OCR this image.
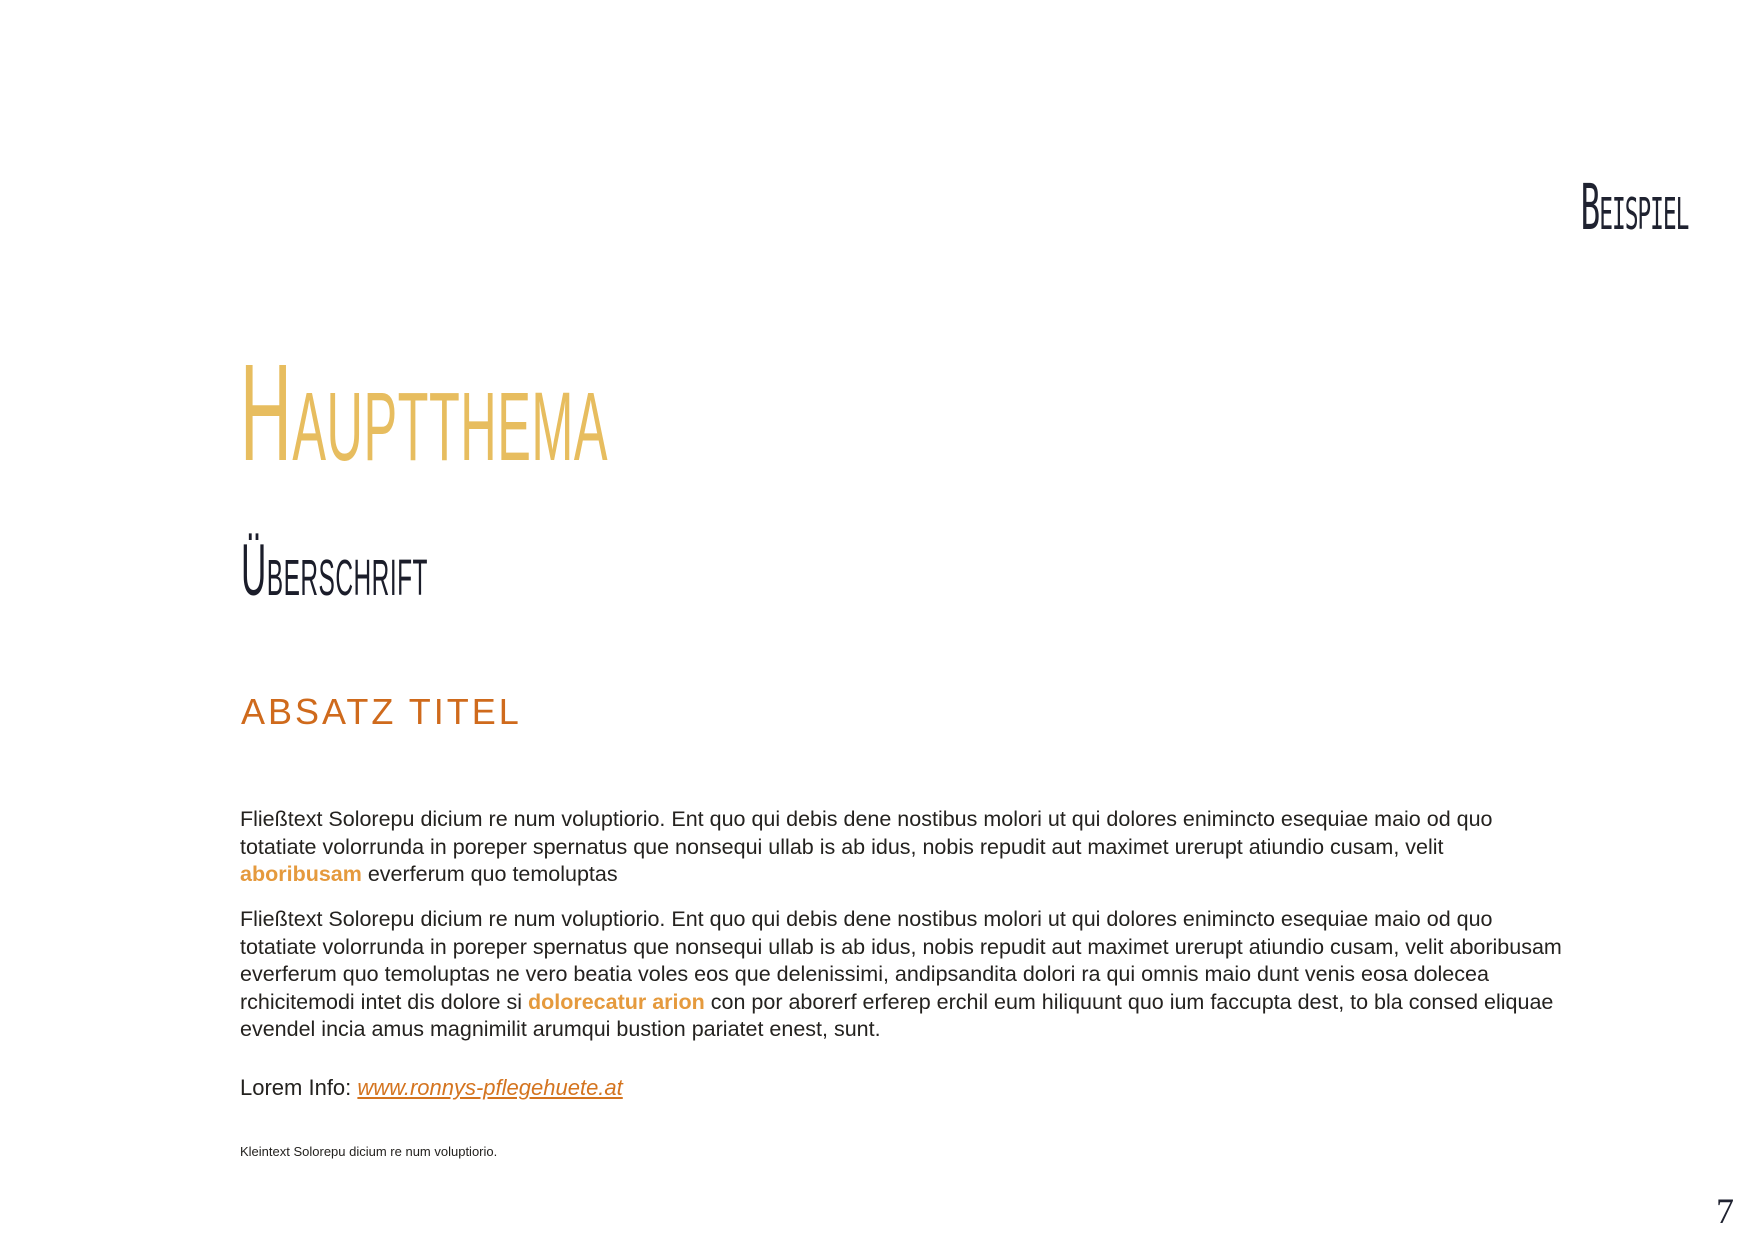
Beispiel
Hauptthema
Überschrift
ABSATZ TITEL

Fließtext Solorepu dicium re num voluptiorio. Ent quo qui debis dene nostibus molori ut qui dolores enimincto esequiae maio od quo totatiate volorrunda in poreper spernatus que nonsequi ullab is ab idus, nobis repudit aut maximet urerupt atiundio cusam, velit aboribusam everferum quo temoluptas

Fließtext Solorepu dicium re num voluptiorio. Ent quo qui debis dene nostibus molori ut qui dolores enimincto esequiae maio od quo totatiate volorrunda in poreper spernatus que nonsequi ullab is ab idus, nobis repudit aut maximet urerupt atiundio cusam, velit aboribusam everferum quo temoluptas ne vero beatia voles eos que delenissimi, andipsandita dolori ra qui omnis maio dunt venis eosa dolecea rchicitemodi intet dis dolore si dolorecatur arion con por aborerf erferep erchil eum hiliquunt quo ium faccupta dest, to bla consed eliquae evendel incia amus magnimilit arumqui bustion pariatet enest, sunt.

Lorem Info: www.ronnys-pflegehuete.at
Kleintext Solorepu dicium re num voluptiorio.
7
